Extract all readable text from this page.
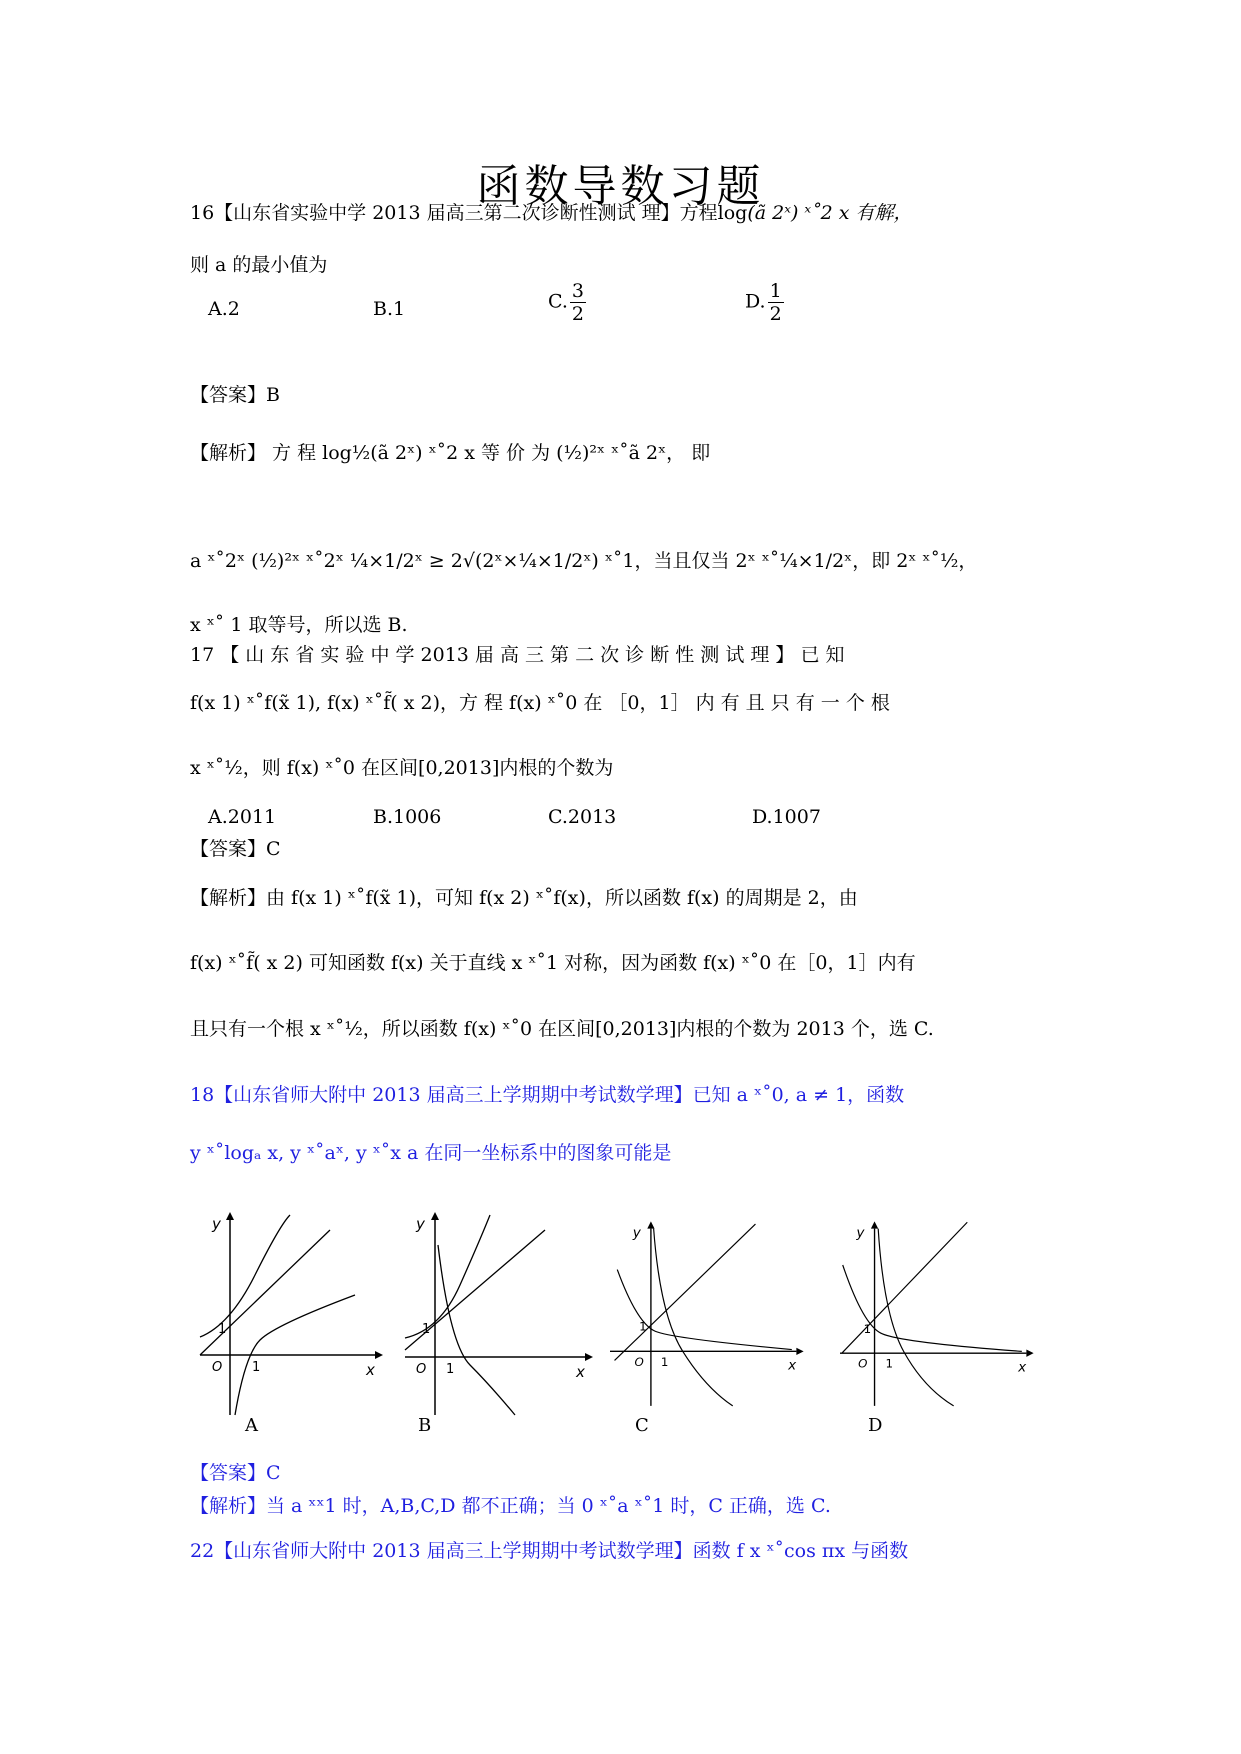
函数导数习题
16【山东省实验中学 2013 届高三第二次诊断性测试 理】方程log(ã 2ˣ) ˣ˚2 x 有解，
则 a 的最小值为
A.2	B.1	C. $\frac{3}{2}$	D. $\frac{1}{2}$
【答案】B
【解析】 方 程 log½(ã 2ˣ) ˣ˚2 x 等 价 为 (½)²ˣ ˣ˚ã 2ˣ， 即
a ˣ˚2ˣ (½)²ˣ ˣ˚2ˣ ¼×1/2ˣ ≥ 2√(2ˣ×¼×1/2ˣ) ˣ˚1，当且仅当 2ˣ ˣ˚¼×1/2ˣ，即 2ˣ ˣ˚½，
x ˣ˚ 1 取等号，所以选 B.
17 【 山 东 省 实 验 中 学 2013 届 高 三 第 二 次 诊 断 性 测 试 理 】 已 知
f(x 1) ˣ˚f(x̃ 1), f(x) ˣ˚f̃( x 2)，方 程 f(x) ˣ˚0 在 ［0，1］ 内 有 且 只 有 一 个 根
x ˣ˚½，则 f(x) ˣ˚0 在区间[0,2013]内根的个数为
A.2011	B.1006	C.2013	D.1007
【答案】C
【解析】由 f(x 1) ˣ˚f(x̃ 1)，可知 f(x 2) ˣ˚f(x)，所以函数 f(x) 的周期是 2，由
f(x) ˣ˚f̃( x 2) 可知函数 f(x) 关于直线 x ˣ˚1 对称，因为函数 f(x) ˣ˚0 在［0，1］内有
且只有一个根 x ˣ˚½，所以函数 f(x) ˣ˚0 在区间[0,2013]内根的个数为 2013 个，选 C.
18【山东省师大附中 2013 届高三上学期期中考试数学理】已知 a ˣ˚0, a ≠ 1，函数
y ˣ˚logₐ x, y ˣ˚aˣ, y ˣ˚x a 在同一坐标系中的图象可能是
y
x
O 1
1
y
x
O 1
1
y
x
O 1
1
y
x
O 1
1
A	B	C	D
【答案】C
【解析】当 a ˣˣ1 时，A,B,C,D 都不正确；当 0 ˣ˚a ˣ˚1 时，C 正确，选 C.
22【山东省师大附中 2013 届高三上学期期中考试数学理】函数 f x ˣ˚cos πx 与函数
